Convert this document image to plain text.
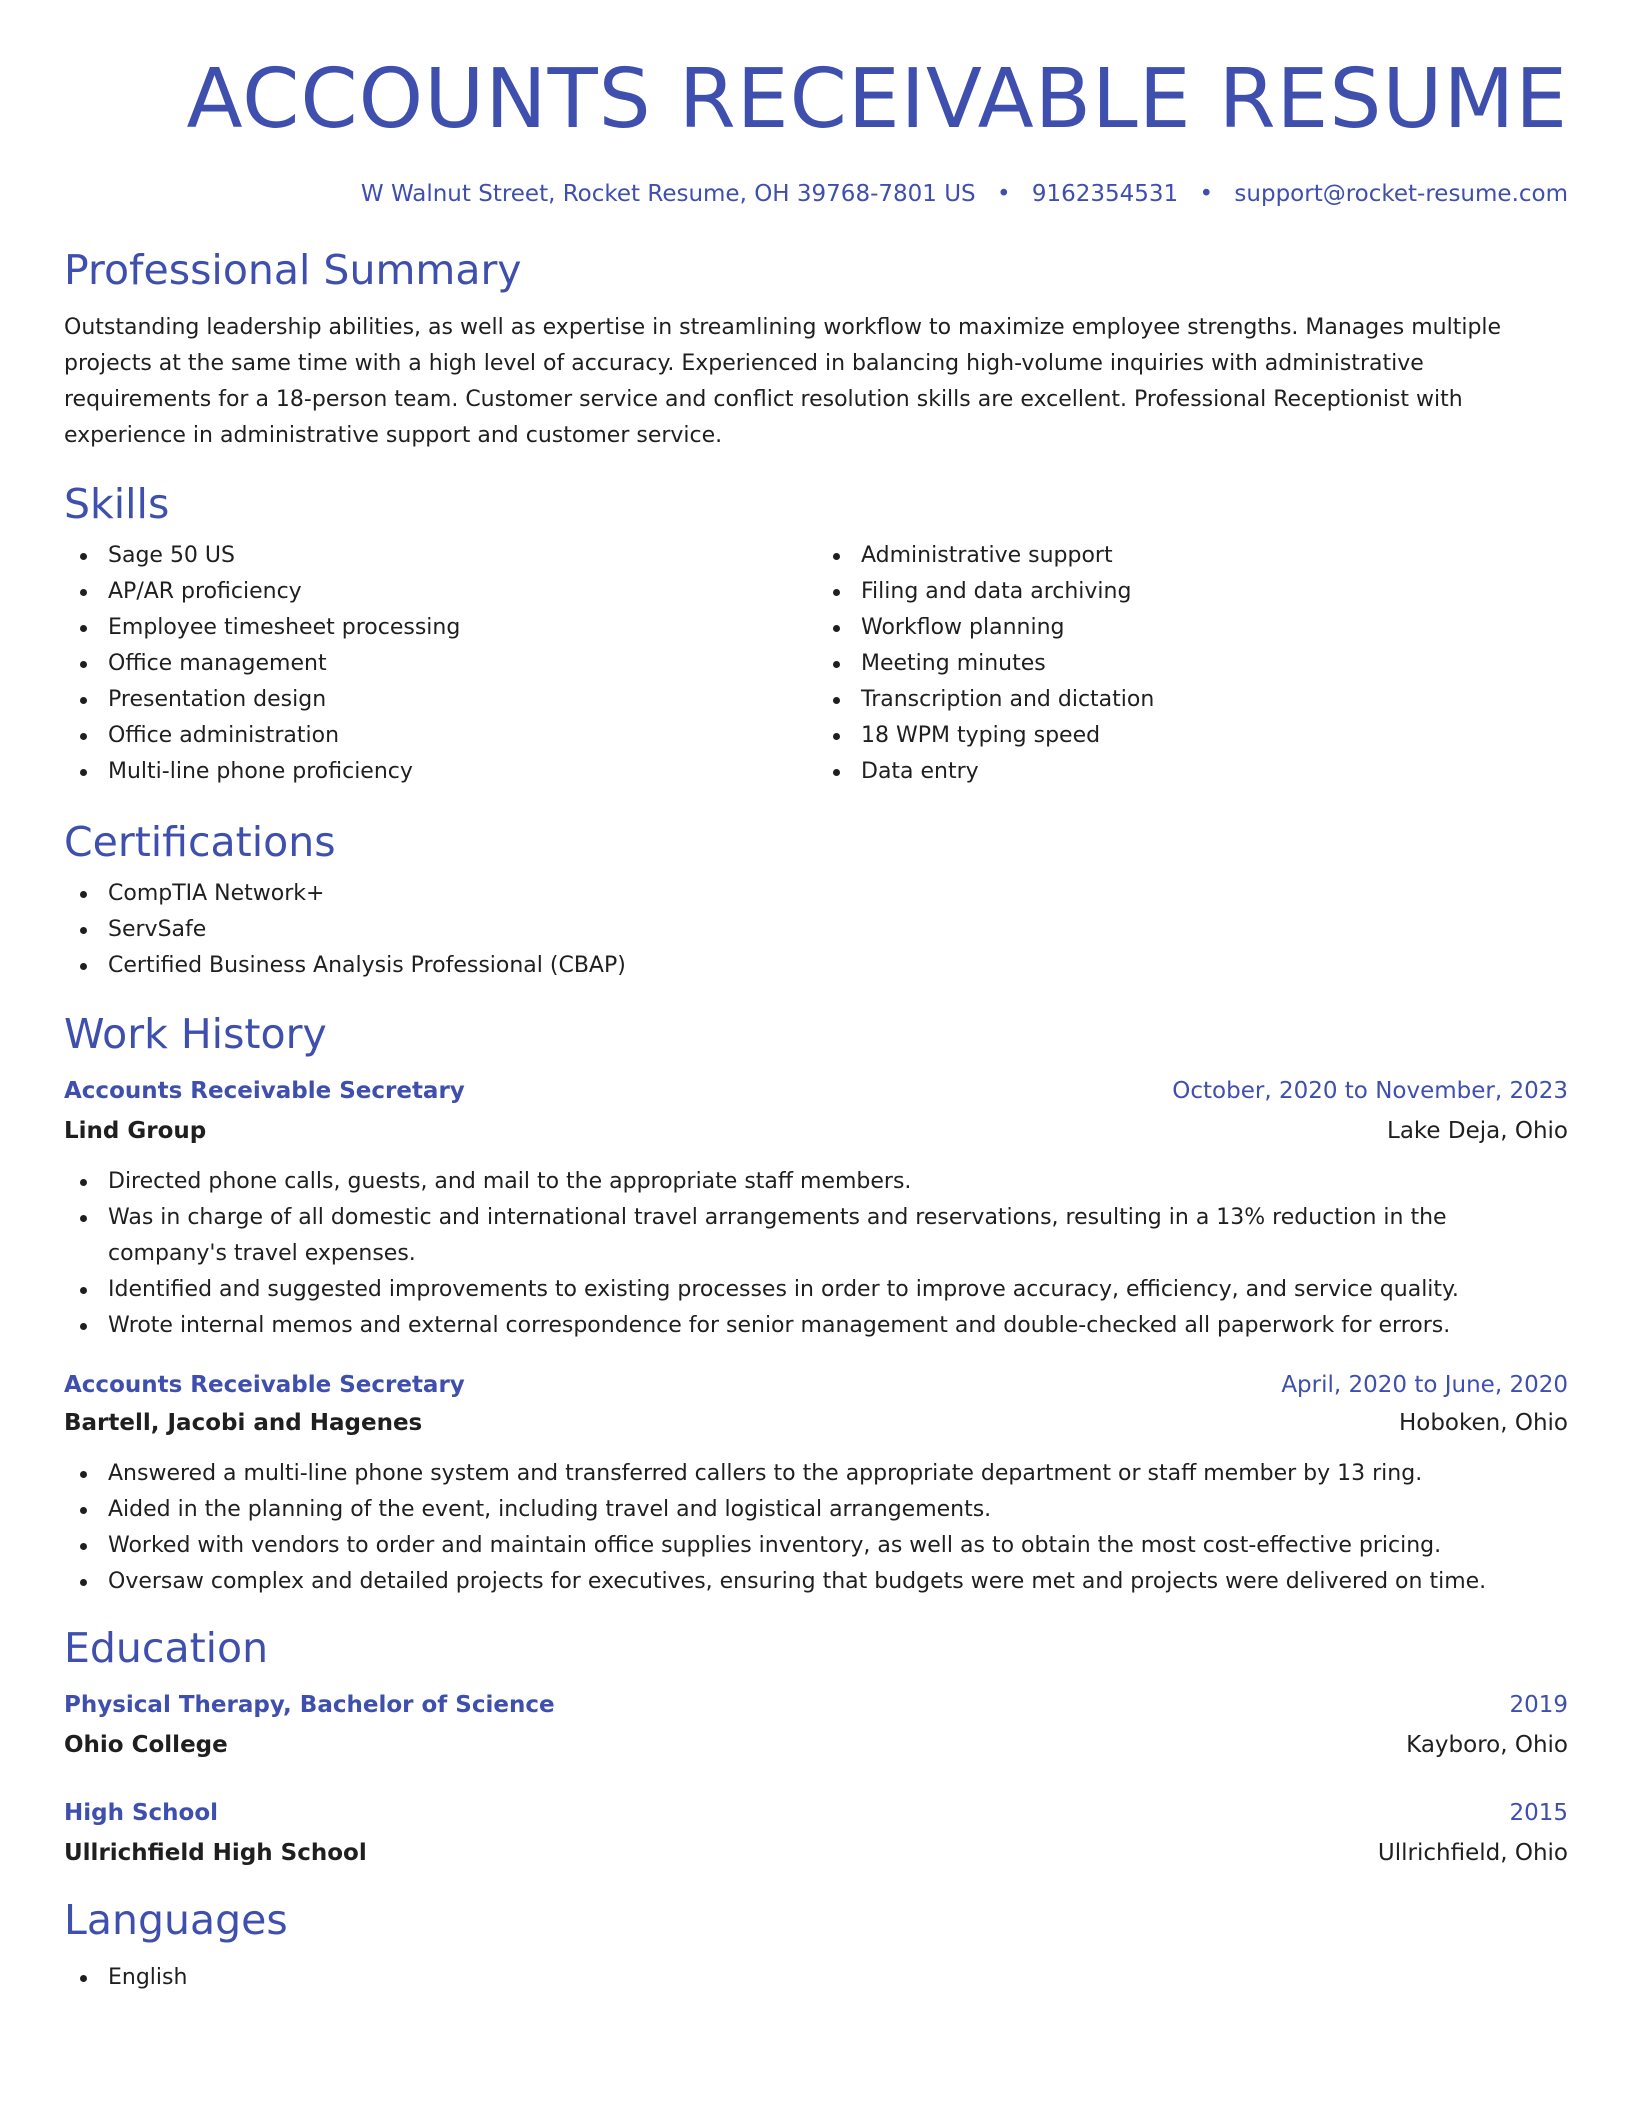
ACCOUNTS RECEIVABLE RESUME
W Walnut Street, Rocket Resume, OH 39768-7801 US • 9162354531 • support@rocket-resume.com
Professional Summary

Outstanding leadership abilities, as well as expertise in streamlining workflow to maximize employee strengths. Manages multiple projects at the same time with a high level of accuracy. Experienced in balancing high-volume inquiries with administrative requirements for a 18-person team. Customer service and conflict resolution skills are excellent. Professional Receptionist with experience in administrative support and customer service.

Skills
Sage 50 US
AP/AR proficiency
Employee timesheet processing
Office management
Presentation design
Office administration
Multi-line phone proficiency
Administrative support
Filing and data archiving
Workflow planning
Meeting minutes
Transcription and dictation
18 WPM typing speed
Data entry
Certifications
CompTIA Network+
ServSafe
Certified Business Analysis Professional (CBAP)
Work History
Accounts Receivable Secretary	October, 2020 to November, 2023
Lind Group	Lake Deja, Ohio
Directed phone calls, guests, and mail to the appropriate staff members.
Was in charge of all domestic and international travel arrangements and reservations, resulting in a 13% reduction in the company's travel expenses.
Identified and suggested improvements to existing processes in order to improve accuracy, efficiency, and service quality.
Wrote internal memos and external correspondence for senior management and double-checked all paperwork for errors.
Accounts Receivable Secretary	April, 2020 to June, 2020
Bartell, Jacobi and Hagenes	Hoboken, Ohio
Answered a multi-line phone system and transferred callers to the appropriate department or staff member by 13 ring.
Aided in the planning of the event, including travel and logistical arrangements.
Worked with vendors to order and maintain office supplies inventory, as well as to obtain the most cost-effective pricing.
Oversaw complex and detailed projects for executives, ensuring that budgets were met and projects were delivered on time.
Education
Physical Therapy, Bachelor of Science	2019
Ohio College	Kayboro, Ohio
High School	2015
Ullrichfield High School	Ullrichfield, Ohio
Languages
English
